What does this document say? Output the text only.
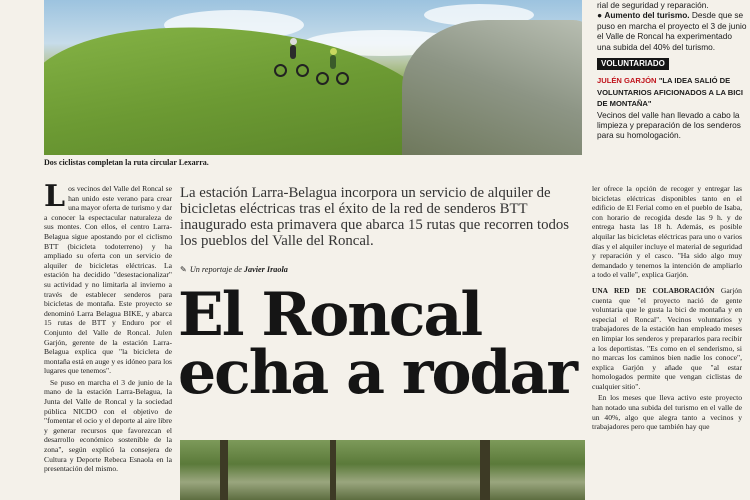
Dos ciclistas completan la ruta circular Lexarra.
rial de seguridad y reparación.
● Aumento del turismo. Desde que se puso en marcha el proyecto el 3 de junio el Valle de Roncal ha experimentado una subida del 40% del turismo.
VOLUNTARIADO
JULÉN GARJÓN "LA IDEA SALIÓ DE VOLUNTARIOS AFICIONADOS A LA BICI DE MONTAÑA"
Vecinos del valle han llevado a cabo la limpieza y preparación de los senderos para su homologación.

Los vecinos del Valle del Roncal se han unido este verano para crear una mayor oferta de turismo y dar a conocer la espectacular naturaleza de sus montes. Con ellos, el centro Larra-Belagua sigue apostando por el ciclismo BTT (bicicleta todoterreno) y ha ampliado su oferta con un servicio de alquiler de bicicletas eléctricas. La estación ha decidido "desestacionalizar" su actividad y no limitarla al invierno a través de establecer senderos para bicicletas de montaña. Este proyecto se denominó Larra Belagua BIKE, y abarca 15 rutas de BTT y Enduro por el Conjunto del Valle de Roncal. Julen Garjón, gerente de la estación Larra-Belagua explica que "la bicicleta de montaña está en auge y es idóneo para los lugares que tenemos".

Se puso en marcha el 3 de junio de la mano de la estación Larra-Belagua, la Junta del Valle de Roncal y la sociedad pública NICDO con el objetivo de "fomentar el ocio y el deporte al aire libre y generar recursos que favorezcan el desarrollo económico sostenible de la zona", según explicó la consejera de Cultura y Deporte Rebeca Esnaola en la presentación del mismo.

La estación Larra-Belagua incorpora un servicio de alquiler de bicicletas eléctricas tras el éxito de la red de senderos BTT inaugurado esta primavera que abarca 15 rutas que recorren todos los pueblos del Valle del Roncal.
✎ Un reportaje de Javier Iraola
El Roncal
echa a rodar

ler ofrece la opción de recoger y entregar las bicicletas eléctricas disponibles tanto en el edificio de El Ferial como en el pueblo de Isaba, con horario de recogida desde las 9 h. y de entrega hasta las 18 h. Además, es posible alquilar las bicicletas eléctricas para uno o varios días y el alquiler incluye el material de seguridad y reparación y el casco. "Ha sido algo muy demandado y tenemos la intención de ampliarlo a todo el valle", explica Garjón.

UNA RED DE COLABORACIÓN Garjón cuenta que "el proyecto nació de gente voluntaria que le gusta la bici de montaña y en especial el Roncal". Vecinos voluntarios y trabajadores de la estación han empleado meses en limpiar los senderos y prepararlos para recibir a los deportistas. "Es como en el senderismo, si no marcas los caminos bien nadie los conoce", explica Garjón y añade que "al estar homologados permite que vengan ciclistas de cualquier sitio".

En los meses que lleva activo este proyecto han notado una subida del turismo en el valle de un 40%, algo que alegra tanto a vecinos y trabajadores pero que también hay que
